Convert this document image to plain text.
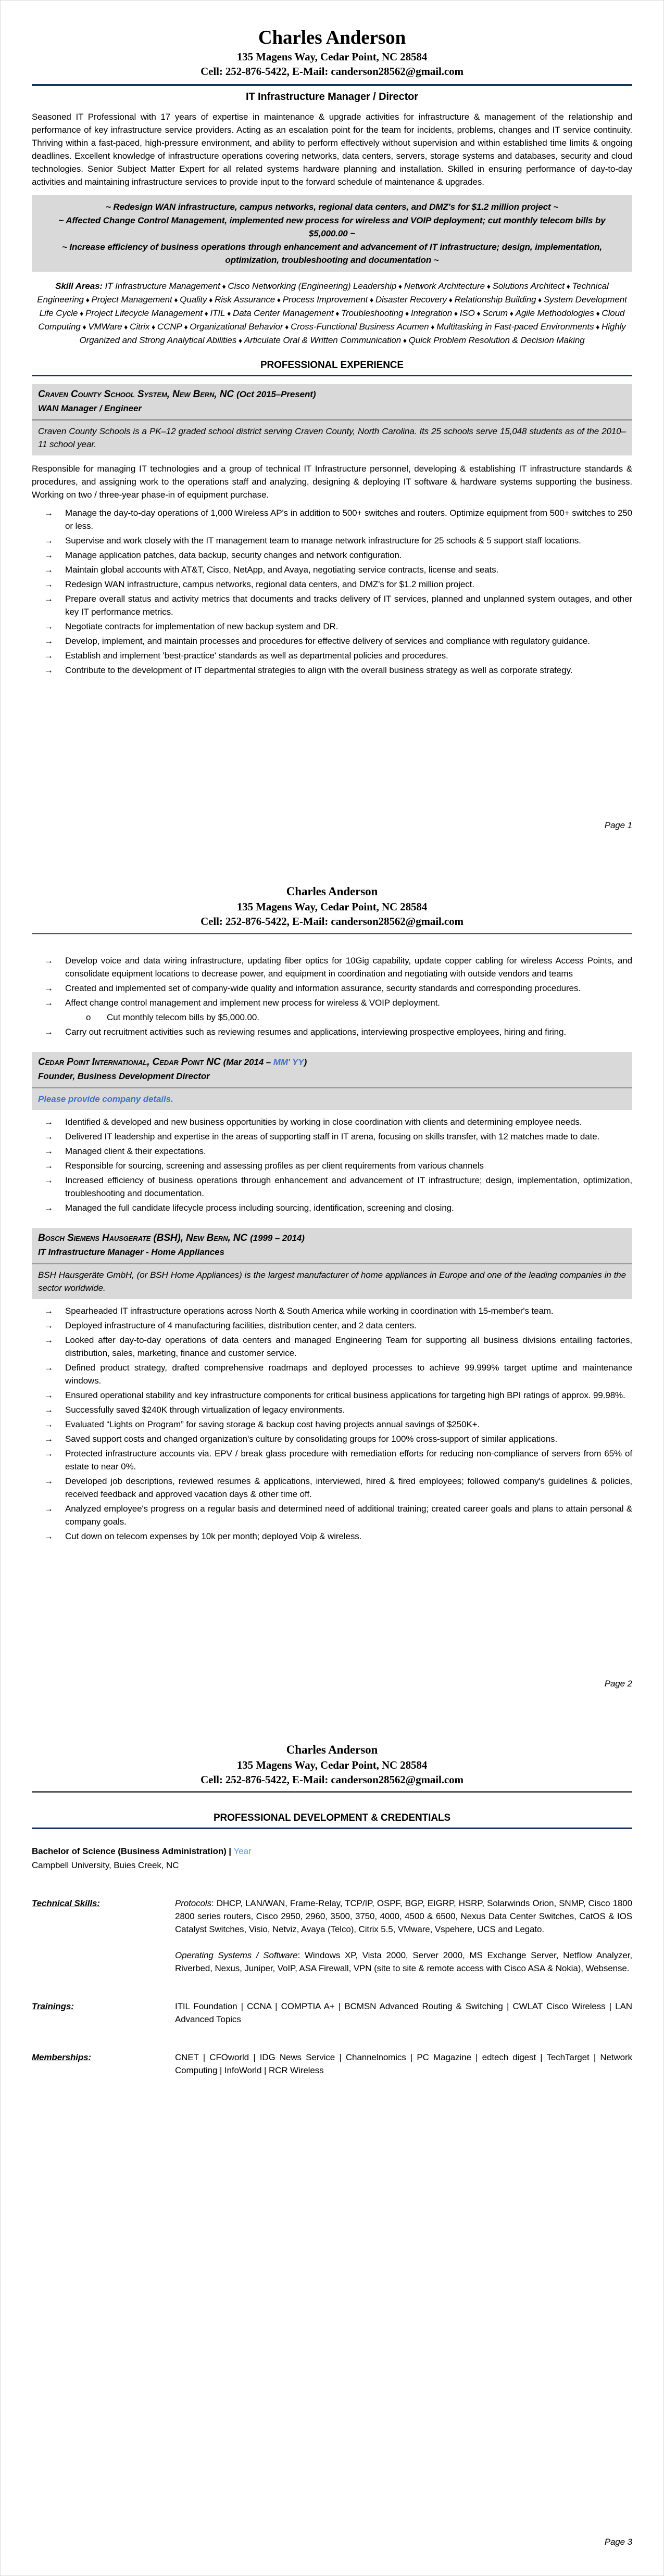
Charles Anderson
135 Magens Way, Cedar Point, NC 28584
Cell: 252-876-5422, E-Mail: canderson28562@gmail.com
IT Infrastructure Manager / Director
Seasoned IT Professional with 17 years of expertise in maintenance & upgrade activities for infrastructure & management of the relationship and performance of key infrastructure service providers. Acting as an escalation point for the team for incidents, problems, changes and IT service continuity. Thriving within a fast-paced, high-pressure environment, and ability to perform effectively without supervision and within established time limits & ongoing deadlines. Excellent knowledge of infrastructure operations covering networks, data centers, servers, storage systems and databases, security and cloud technologies. Senior Subject Matter Expert for all related systems hardware planning and installation. Skilled in ensuring performance of day-to-day activities and maintaining infrastructure services to provide input to the forward schedule of maintenance & upgrades.
~ Redesign WAN infrastructure, campus networks, regional data centers, and DMZ's for $1.2 million project ~
~ Affected Change Control Management, implemented new process for wireless and VOIP deployment; cut monthly telecom bills by $5,000.00 ~
~ Increase efficiency of business operations through enhancement and advancement of IT infrastructure; design, implementation, optimization, troubleshooting and documentation ~
Skill Areas: IT Infrastructure Management ♦ Cisco Networking (Engineering) Leadership ♦ Network Architecture ♦ Solutions Architect ♦ Technical Engineering ♦ Project Management ♦ Quality ♦ Risk Assurance ♦ Process Improvement ♦ Disaster Recovery ♦ Relationship Building ♦ System Development Life Cycle ♦ Project Lifecycle Management ♦ ITIL ♦ Data Center Management ♦ Troubleshooting ♦ Integration ♦ ISO ♦ Scrum ♦ Agile Methodologies ♦ Cloud Computing ♦ VMWare ♦ Citrix ♦ CCNP ♦ Organizational Behavior ♦ Cross-Functional Business Acumen ♦ Multitasking in Fast-paced Environments ♦ Highly Organized and Strong Analytical Abilities ♦ Articulate Oral & Written Communication ♦ Quick Problem Resolution & Decision Making
PROFESSIONAL EXPERIENCE
Craven County School System, New Bern, NC (Oct 2015–Present)
WAN Manager / Engineer
Craven County Schools is a PK–12 graded school district serving Craven County, North Carolina. Its 25 schools serve 15,048 students as of the 2010–11 school year.
Responsible for managing IT technologies and a group of technical IT Infrastructure personnel, developing & establishing IT infrastructure standards & procedures, and assigning work to the operations staff and analyzing, designing & deploying IT software & hardware systems supporting the business. Working on two / three-year phase-in of equipment purchase.
→
Manage the day-to-day operations of 1,000 Wireless AP's in addition to 500+ switches and routers. Optimize equipment from 500+ switches to 250 or less.
→
Supervise and work closely with the IT management team to manage network infrastructure for 25 schools & 5 support staff locations.
→
Manage application patches, data backup, security changes and network configuration.
→
Maintain global accounts with AT&T, Cisco, NetApp, and Avaya, negotiating service contracts, license and seats.
→
Redesign WAN infrastructure, campus networks, regional data centers, and DMZ's for $1.2 million project.
→
Prepare overall status and activity metrics that documents and tracks delivery of IT services, planned and unplanned system outages, and other key IT performance metrics.
→
Negotiate contracts for implementation of new backup system and DR.
→
Develop, implement, and maintain processes and procedures for effective delivery of services and compliance with regulatory guidance.
→
Establish and implement 'best-practice' standards as well as departmental policies and procedures.
→
Contribute to the development of IT departmental strategies to align with the overall business strategy as well as corporate strategy.
Page 1
Charles Anderson
135 Magens Way, Cedar Point, NC 28584
Cell: 252-876-5422, E-Mail: canderson28562@gmail.com
→
Develop voice and data wiring infrastructure, updating fiber optics for 10Gig capability, update copper cabling for wireless Access Points, and consolidate equipment locations to decrease power, and equipment in coordination and negotiating with outside vendors and teams
→
Created and implemented set of company-wide quality and information assurance, security standards and corresponding procedures.
→
Affect change control management and implement new process for wireless & VOIP deployment.
o
Cut monthly telecom bills by $5,000.00.
→
Carry out recruitment activities such as reviewing resumes and applications, interviewing prospective employees, hiring and firing.
Cedar Point International, Cedar Point NC (Mar 2014 – MM' YY)
Founder, Business Development Director
Please provide company details.
→
Identified & developed and new business opportunities by working in close coordination with clients and determining employee needs.
→
Delivered IT leadership and expertise in the areas of supporting staff in IT arena, focusing on skills transfer, with 12 matches made to date.
→
Managed client & their expectations.
→
Responsible for sourcing, screening and assessing profiles as per client requirements from various channels
→
Increased efficiency of business operations through enhancement and advancement of IT infrastructure; design, implementation, optimization, troubleshooting and documentation.
→
Managed the full candidate lifecycle process including sourcing, identification, screening and closing.
Bosch Siemens Hausgerate (BSH), New Bern, NC (1999 – 2014)
IT Infrastructure Manager - Home Appliances
BSH Hausgeräte GmbH, (or BSH Home Appliances) is the largest manufacturer of home appliances in Europe and one of the leading companies in the sector worldwide.
→
Spearheaded IT infrastructure operations across North & South America while working in coordination with 15-member's team.
→
Deployed infrastructure of 4 manufacturing facilities, distribution center, and 2 data centers.
→
Looked after day-to-day operations of data centers and managed Engineering Team for supporting all business divisions entailing factories, distribution, sales, marketing, finance and customer service.
→
Defined product strategy, drafted comprehensive roadmaps and deployed processes to achieve 99.999% target uptime and maintenance windows.
→
Ensured operational stability and key infrastructure components for critical business applications for targeting high BPI ratings of approx. 99.98%.
→
Successfully saved $240K through virtualization of legacy environments.
→
Evaluated “Lights on Program” for saving storage & backup cost having projects annual savings of $250K+.
→
Saved support costs and changed organization's culture by consolidating groups for 100% cross-support of similar applications.
→
Protected infrastructure accounts via. EPV / break glass procedure with remediation efforts for reducing non-compliance of servers from 65% of estate to near 0%.
→
Developed job descriptions, reviewed resumes & applications, interviewed, hired & fired employees; followed company's guidelines & policies, received feedback and approved vacation days & other time off.
→
Analyzed employee's progress on a regular basis and determined need of additional training; created career goals and plans to attain personal & company goals.
→
Cut down on telecom expenses by 10k per month; deployed Voip & wireless.
Page 2
Charles Anderson
135 Magens Way, Cedar Point, NC 28584
Cell: 252-876-5422, E-Mail: canderson28562@gmail.com
PROFESSIONAL DEVELOPMENT & CREDENTIALS
Bachelor of Science (Business Administration) | Year
Campbell University, Buies Creek, NC
Technical Skills:	Protocols: DHCP, LAN/WAN, Frame-Relay, TCP/IP, OSPF, BGP, EIGRP, HSRP, Solarwinds Orion, SNMP, Cisco 1800 2800 series routers, Cisco 2950, 2960, 3500, 3750, 4000, 4500 & 6500, Nexus Data Center Switches, CatOS & IOS Catalyst Switches, Visio, Netviz, Avaya (Telco), Citrix 5.5, VMware, Vspehere, UCS and Legato.

Operating Systems / Software: Windows XP, Vista 2000, Server 2000, MS Exchange Server, Netflow Analyzer, Riverbed, Nexus, Juniper, VoIP, ASA Firewall, VPN (site to site & remote access with Cisco ASA & Nokia), Websense.

Trainings:	ITIL Foundation | CCNA | COMPTIA A+ | BCMSN Advanced Routing & Switching | CWLAT Cisco Wireless | LAN Advanced Topics
Memberships:	CNET | CFOworld | IDG News Service | Channelnomics | PC Magazine | edtech digest | TechTarget | Network Computing | InfoWorld | RCR Wireless
Page 3
